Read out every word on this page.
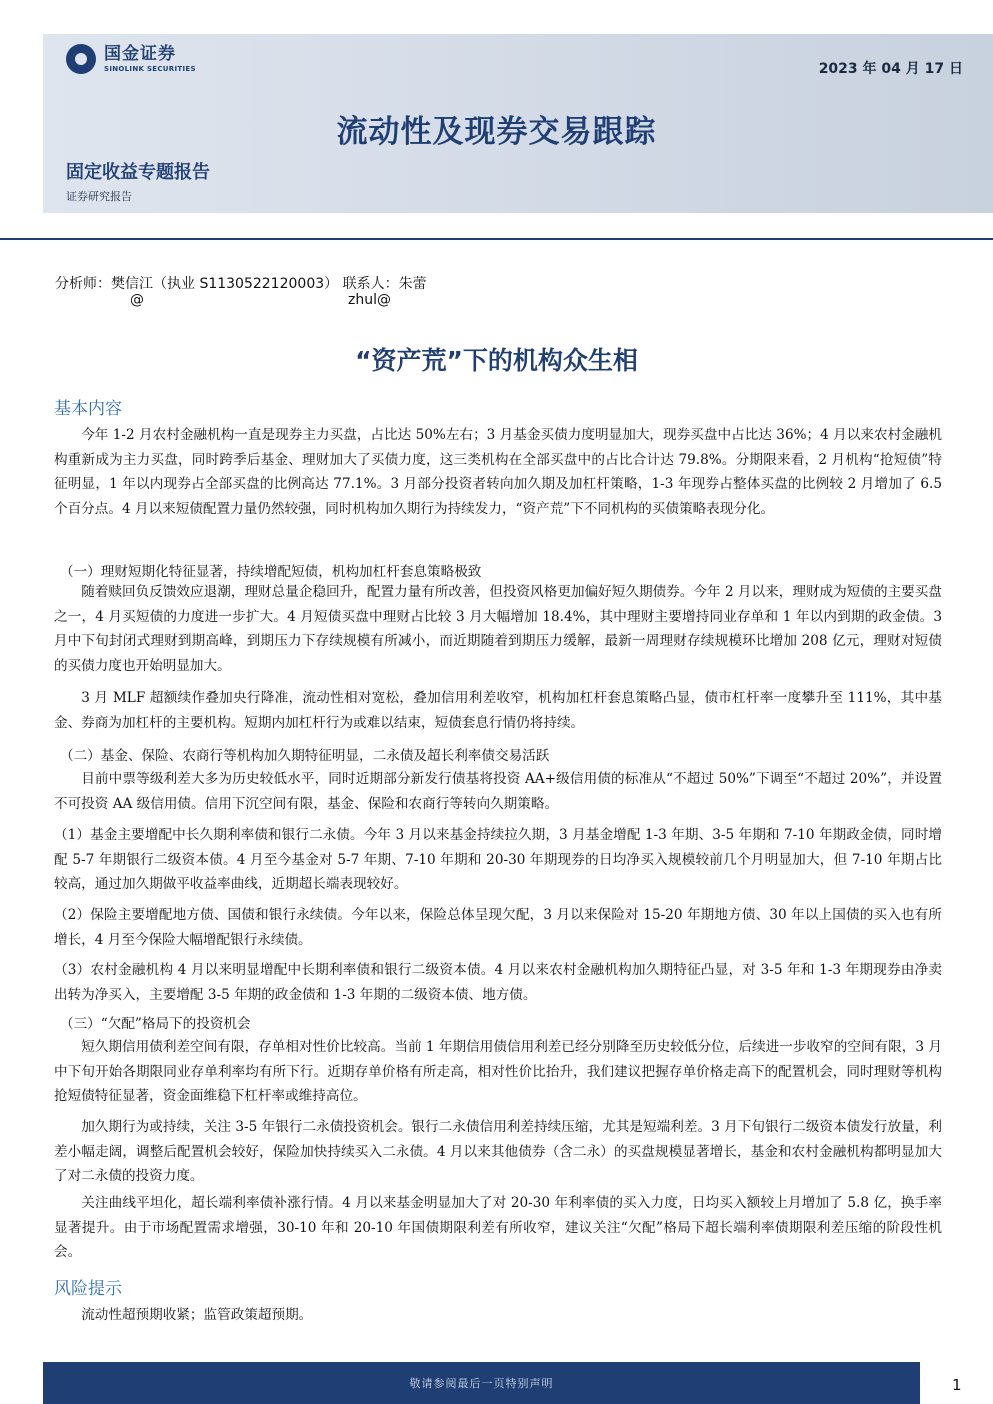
国金证券
SINOLINK SECURITIES	2023 年 04 月 17 日
流动性及现券交易跟踪
固定收益专题报告
证券研究报告
分析师：樊信江（执业 S1130522120003） 联系人：朱蕾
@	zhul@
“资产荒”下的机构众生相
基本内容

今年 1-2 月农村金融机构一直是现券主力买盘，占比达 50%左右；3 月基金买债力度明显加大，现券买盘中占比达 36%；4 月以来农村金融机构重新成为主力买盘，同时跨季后基金、理财加大了买债力度，这三类机构在全部买盘中的占比合计达 79.8%。分期限来看，2 月机构“抢短债”特征明显，1 年以内现券占全部买盘的比例高达 77.1%。3 月部分投资者转向加久期及加杠杆策略，1-3 年现券占整体买盘的比例较 2 月增加了 6.5 个百分点。4 月以来短债配置力量仍然较强，同时机构加久期行为持续发力，“资产荒”下不同机构的买债策略表现分化。

（一）理财短期化特征显著，持续增配短债，机构加杠杆套息策略极致

随着赎回负反馈效应退潮，理财总量企稳回升，配置力量有所改善，但投资风格更加偏好短久期债券。今年 2 月以来，理财成为短债的主要买盘之一，4 月买短债的力度进一步扩大。4 月短债买盘中理财占比较 3 月大幅增加 18.4%，其中理财主要增持同业存单和 1 年以内到期的政金债。3 月中下旬封闭式理财到期高峰，到期压力下存续规模有所减小，而近期随着到期压力缓解，最新一周理财存续规模环比增加 208 亿元，理财对短债的买债力度也开始明显加大。

3 月 MLF 超额续作叠加央行降准，流动性相对宽松，叠加信用利差收窄，机构加杠杆套息策略凸显，债市杠杆率一度攀升至 111%，其中基金、券商为加杠杆的主要机构。短期内加杠杆行为或难以结束，短债套息行情仍将持续。

（二）基金、保险、农商行等机构加久期特征明显，二永债及超长利率债交易活跃

目前中票等级利差大多为历史较低水平，同时近期部分新发行债基将投资 AA+级信用债的标准从“不超过 50%”下调至“不超过 20%”，并设置不可投资 AA 级信用债。信用下沉空间有限，基金、保险和农商行等转向久期策略。

（1）基金主要增配中长久期利率债和银行二永债。今年 3 月以来基金持续拉久期，3 月基金增配 1-3 年期、3-5 年期和 7-10 年期政金债，同时增配 5-7 年期银行二级资本债。4 月至今基金对 5-7 年期、7-10 年期和 20-30 年期现券的日均净买入规模较前几个月明显加大，但 7-10 年期占比较高，通过加久期做平收益率曲线，近期超长端表现较好。

（2）保险主要增配地方债、国债和银行永续债。今年以来，保险总体呈现欠配，3 月以来保险对 15-20 年期地方债、30 年以上国债的买入也有所增长，4 月至今保险大幅增配银行永续债。

（3）农村金融机构 4 月以来明显增配中长期利率债和银行二级资本债。4 月以来农村金融机构加久期特征凸显，对 3-5 年和 1-3 年期现券由净卖出转为净买入，主要增配 3-5 年期的政金债和 1-3 年期的二级资本债、地方债。

（三）“欠配”格局下的投资机会

短久期信用债利差空间有限，存单相对性价比较高。当前 1 年期信用债信用利差已经分别降至历史较低分位，后续进一步收窄的空间有限，3 月中下旬开始各期限同业存单利率均有所下行。近期存单价格有所走高，相对性价比抬升，我们建议把握存单价格走高下的配置机会，同时理财等机构抢短债特征显著，资金面维稳下杠杆率或维持高位。

加久期行为或持续，关注 3-5 年银行二永债投资机会。银行二永债信用利差持续压缩，尤其是短端利差。3 月下旬银行二级资本债发行放量，利差小幅走阔，调整后配置机会较好，保险加快持续买入二永债。4 月以来其他债券（含二永）的买盘规模显著增长，基金和农村金融机构都明显加大了对二永债的投资力度。

关注曲线平坦化，超长端利率债补涨行情。4 月以来基金明显加大了对 20-30 年利率债的买入力度，日均买入额较上月增加了 5.8 亿，换手率显著提升。由于市场配置需求增强，30-10 年和 20-10 年国债期限利差有所收窄，建议关注“欠配”格局下超长端利率债期限利差压缩的阶段性机会。

风险提示

流动性超预期收紧；监管政策超预期。

敬请参阅最后一页特别声明	1
